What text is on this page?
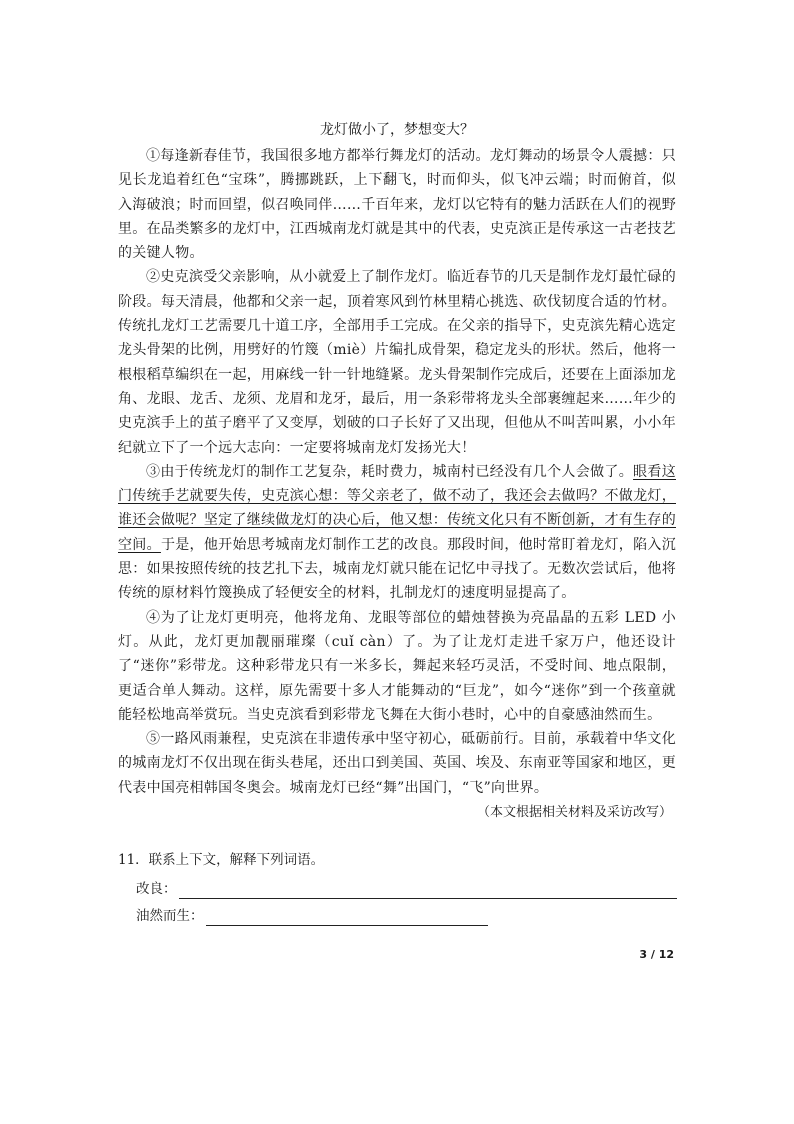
龙灯做小了，梦想变大？

①每逢新春佳节，我国很多地方都举行舞龙灯的活动。龙灯舞动的场景令人震撼：只见长龙追着红色“宝珠”，腾挪跳跃，上下翻飞，时而仰头，似飞冲云端；时而俯首，似入海破浪；时而回望，似召唤同伴……千百年来，龙灯以它特有的魅力活跃在人们的视野里。在品类繁多的龙灯中，江西城南龙灯就是其中的代表，史克滨正是传承这一古老技艺的关键人物。

②史克滨受父亲影响，从小就爱上了制作龙灯。临近春节的几天是制作龙灯最忙碌的阶段。每天清晨，他都和父亲一起，顶着寒风到竹林里精心挑选、砍伐韧度合适的竹材。传统扎龙灯工艺需要几十道工序，全部用手工完成。在父亲的指导下，史克滨先精心选定龙头骨架的比例，用劈好的竹篾（miè）片编扎成骨架，稳定龙头的形状。然后，他将一根根稻草编织在一起，用麻线一针一针地缝紧。龙头骨架制作完成后，还要在上面添加龙角、龙眼、龙舌、龙须、龙眉和龙牙，最后，用一条彩带将龙头全部裹缠起来……年少的史克滨手上的茧子磨平了又变厚，划破的口子长好了又出现，但他从不叫苦叫累，小小年纪就立下了一个远大志向：一定要将城南龙灯发扬光大！

③由于传统龙灯的制作工艺复杂，耗时费力，城南村已经没有几个人会做了。眼看这门传统手艺就要失传，史克滨心想：等父亲老了，做不动了，我还会去做吗？不做龙灯，谁还会做呢？坚定了继续做龙灯的决心后，他又想：传统文化只有不断创新，才有生存的空间。于是，他开始思考城南龙灯制作工艺的改良。那段时间，他时常盯着龙灯，陷入沉思：如果按照传统的技艺扎下去，城南龙灯就只能在记忆中寻找了。无数次尝试后，他将传统的原材料竹篾换成了轻便安全的材料，扎制龙灯的速度明显提高了。

④为了让龙灯更明亮，他将龙角、龙眼等部位的蜡烛替换为亮晶晶的五彩 LED 小灯。从此，龙灯更加靓丽璀璨（cuǐ càn）了。为了让龙灯走进千家万户，他还设计了“迷你”彩带龙。这种彩带龙只有一米多长，舞起来轻巧灵活，不受时间、地点限制，更适合单人舞动。这样，原先需要十多人才能舞动的“巨龙”，如今“迷你”到一个孩童就能轻松地高举赏玩。当史克滨看到彩带龙飞舞在大街小巷时，心中的自豪感油然而生。

⑤一路风雨兼程，史克滨在非遗传承中坚守初心，砥砺前行。目前，承载着中华文化的城南龙灯不仅出现在街头巷尾，还出口到美国、英国、埃及、东南亚等国家和地区，更代表中国亮相韩国冬奥会。城南龙灯已经“舞”出国门，“飞”向世界。

（本文根据相关材料及采访改写）

11．联系上下文，解释下列词语。

改良：
油然而生：
3 / 12
